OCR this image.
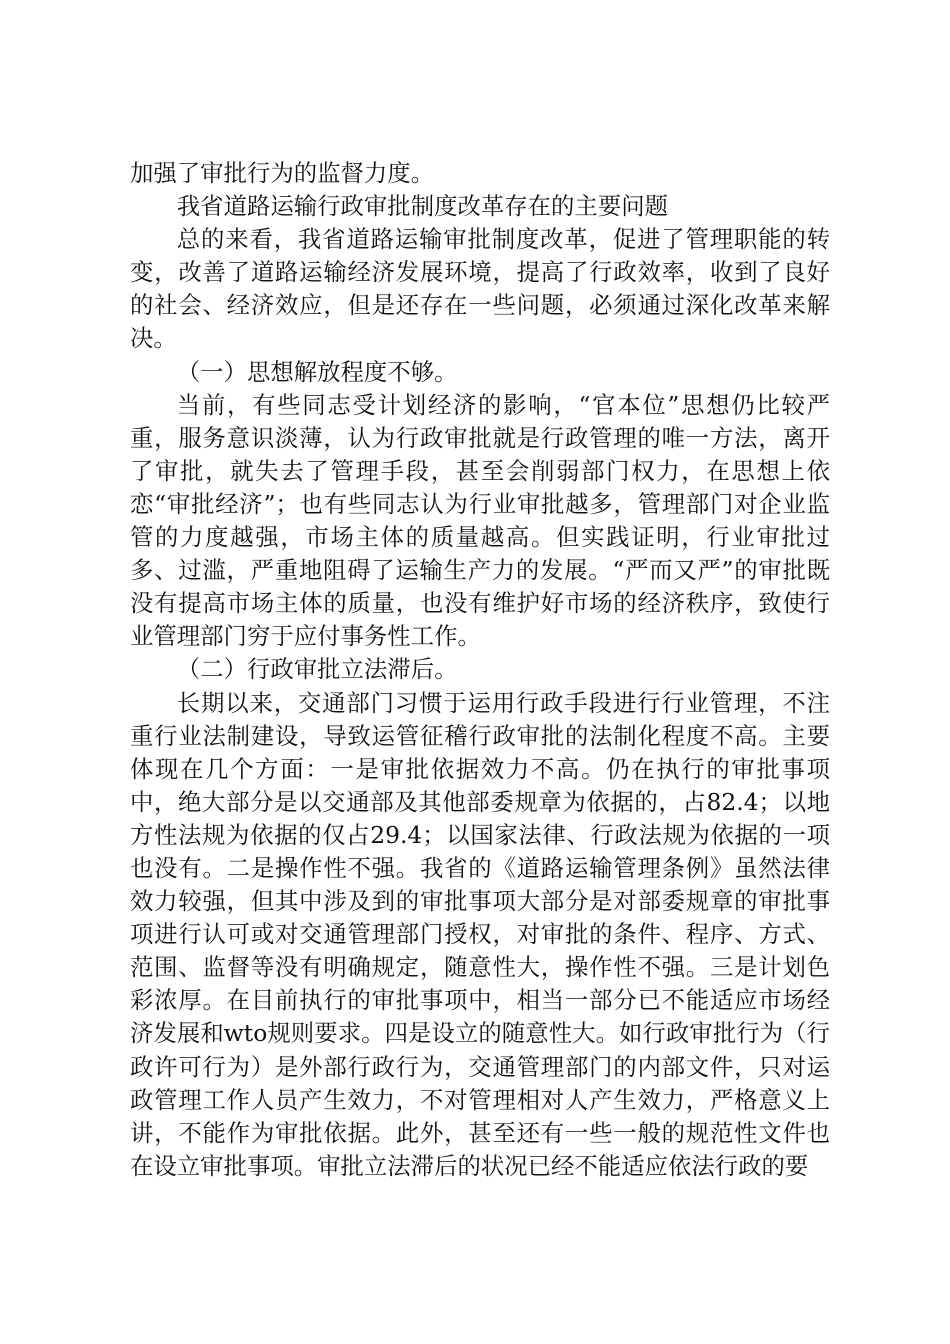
加强了审批行为的监督力度。

我省道路运输行政审批制度改革存在的主要问题

总的来看，我省道路运输审批制度改革，促进了管理职能的转变，改善了道路运输经济发展环境，提高了行政效率，收到了良好的社会、经济效应，但是还存在一些问题，必须通过深化改革来解决。

（一）思想解放程度不够。

当前，有些同志受计划经济的影响，“官本位”思想仍比较严重，服务意识淡薄，认为行政审批就是行政管理的唯一方法，离开了审批，就失去了管理手段，甚至会削弱部门权力，在思想上依恋“审批经济”；也有些同志认为行业审批越多，管理部门对企业监管的力度越强，市场主体的质量越高。但实践证明，行业审批过多、过滥，严重地阻碍了运输生产力的发展。“严而又严”的审批既没有提高市场主体的质量，也没有维护好市场的经济秩序，致使行业管理部门穷于应付事务性工作。

（二）行政审批立法滞后。

长期以来，交通部门习惯于运用行政手段进行行业管理，不注重行业法制建设，导致运管征稽行政审批的法制化程度不高。主要体现在几个方面：一是审批依据效力不高。仍在执行的审批事项中，绝大部分是以交通部及其他部委规章为依据的，占82.4；以地方性法规为依据的仅占29.4；以国家法律、行政法规为依据的一项也没有。二是操作性不强。我省的《道路运输管理条例》虽然法律效力较强，但其中涉及到的审批事项大部分是对部委规章的审批事项进行认可或对交通管理部门授权，对审批的条件、程序、方式、范围、监督等没有明确规定，随意性大，操作性不强。三是计划色彩浓厚。在目前执行的审批事项中，相当一部分已不能适应市场经济发展和wto规则要求。四是设立的随意性大。如行政审批行为（行政许可行为）是外部行政行为，交通管理部门的内部文件，只对运政管理工作人员产生效力，不对管理相对人产生效力，严格意义上讲，不能作为审批依据。此外，甚至还有一些一般的规范性文件也在设立审批事项。审批立法滞后的状况已经不能适应依法行政的要
